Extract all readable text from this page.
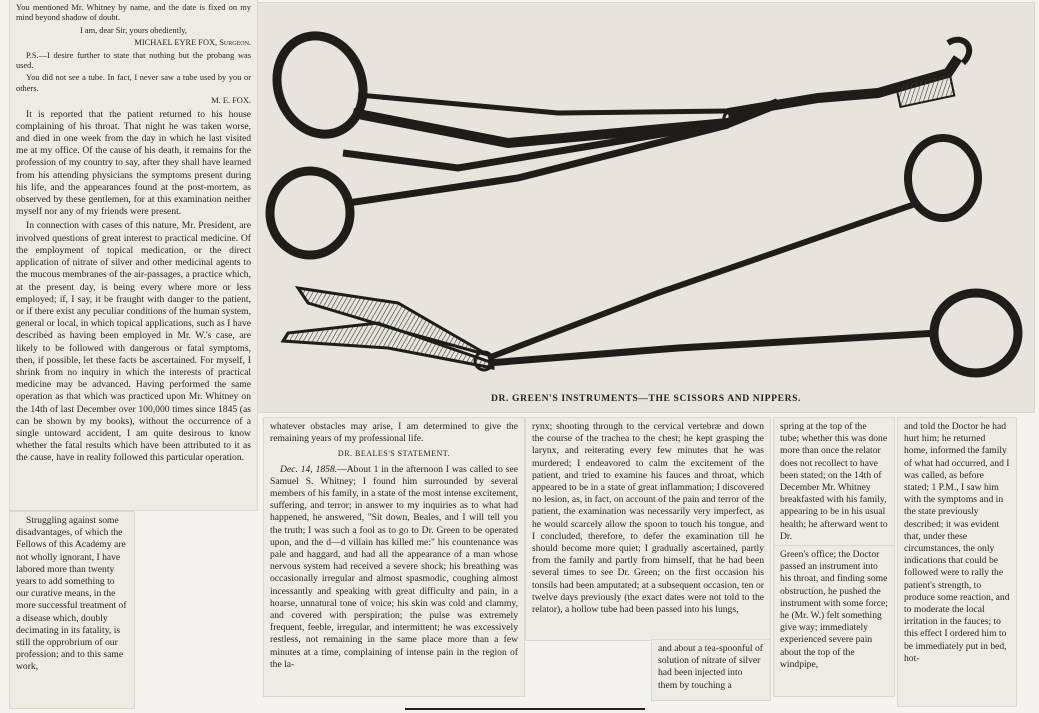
You mentioned Mr. Whitney by name, and the date is fixed on my mind beyond shadow of doubt.

I am, dear Sir, yours obediently,

MICHAEL EYRE FOX, Surgeon.

P.S.—I desire further to state that nothing but the probang was used.

You did not see a tube. In fact, I never saw a tube used by you or others.

M. E. FOX.

It is reported that the patient returned to his house complaining of his throat. That night he was taken worse, and died in one week from the day in which he last visited me at my office. Of the cause of his death, it remains for the profession of my country to say, after they shall have learned from his attending physicians the symptoms present during his life, and the appearances found at the post-mortem, as observed by these gentlemen, for at this examination neither myself nor any of my friends were present.

In connection with cases of this nature, Mr. President, are involved questions of great interest to practical medicine. Of the employment of topical medication, or the direct application of nitrate of silver and other medicinal agents to the mucous membranes of the air-passages, a practice which, at the present day, is being every where more or less employed; if, I say, it be fraught with danger to the patient, or if there exist any peculiar conditions of the human system, general or local, in which topical applications, such as I have described as having been employed in Mr. W.'s case, are likely to be followed with dangerous or fatal symptoms, then, if possible, let these facts be ascertained. For myself, I shrink from no inquiry in which the interests of practical medicine may be advanced. Having performed the same operation as that which was practiced upon Mr. Whitney on the 14th of last December over 100,000 times since 1845 (as can be shown by my books), without the occurrence of a single untoward accident, I am quite desirous to know whether the fatal results which have been attributed to it as the cause, have in reality followed this particular operation.

Struggling against some disadvantages, of which the Fellows of this Academy are not wholly ignorant, I have labored more than twenty years to add something to our curative means, in the more successful treatment of a disease which, doubly decimating in its fatality, is still the opprobrium of our profession; and to this same work,

DR. GREEN'S INSTRUMENTS—THE SCISSORS AND NIPPERS.

whatever obstacles may arise, I am determined to give the remaining years of my professional life.

DR. BEALES'S STATEMENT.

Dec. 14, 1858.—About 1 in the afternoon I was called to see Samuel S. Whitney; I found him surrounded by several members of his family, in a state of the most intense excitement, suffering, and terror; in answer to my inquiries as to what had happened, he answered, "Sit down, Beales, and I will tell you the truth; I was such a fool as to go to Dr. Green to be operated upon, and the d—d villain has killed me:" his countenance was pale and haggard, and had all the appearance of a man whose nervous system had received a severe shock; his breathing was occasionally irregular and almost spasmodic, coughing almost incessantly and speaking with great difficulty and pain, in a hoarse, unnatural tone of voice; his skin was cold and clammy, and covered with perspiration; the pulse was extremely frequent, feeble, irregular, and intermittent; he was excessively restless, not remaining in the same place more than a few minutes at a time, complaining of intense pain in the region of the la-

rynx; shooting through to the cervical vertebræ and down the course of the trachea to the chest; he kept grasping the larynx, and reiterating every few minutes that he was murdered; I endeavored to calm the excitement of the patient, and tried to examine his fauces and throat, which appeared to be in a state of great inflammation; I discovered no lesion, as, in fact, on account of the pain and terror of the patient, the examination was necessarily very imperfect, as he would scarcely allow the spoon to touch his tongue, and I concluded, therefore, to defer the examination till he should become more quiet; I gradually ascertained, partly from the family and partly from himself, that he had been several times to see Dr. Green; on the first occasion his tonsils had been amputated; at a subsequent occasion, ten or twelve days previously (the exact dates were not told to the relator), a hollow tube had been passed into his lungs,

and about a tea-spoonful of solution of nitrate of silver had been injected into them by touching a

spring at the top of the tube; whether this was done more than once the relator does not recollect to have been stated; on the 14th of December Mr. Whitney breakfasted with his family, appearing to be in his usual health; he afterward went to Dr.

Green's office; the Doctor passed an instrument into his throat, and finding some obstruction, he pushed the instrument with some force; he (Mr. W.) felt something give way; immediately experienced severe pain about the top of the windpipe,

and told the Doctor he had hurt him; he returned home, informed the family of what had occurred, and I was called, as before stated; 1 P.M., I saw him with the symptoms and in the state previously described; it was evident that, under these circumstances, the only indications that could be followed were to rally the patient's strength, to produce some reaction, and to moderate the local irritation in the fauces; to this effect I ordered him to be immediately put in bed, hot-
